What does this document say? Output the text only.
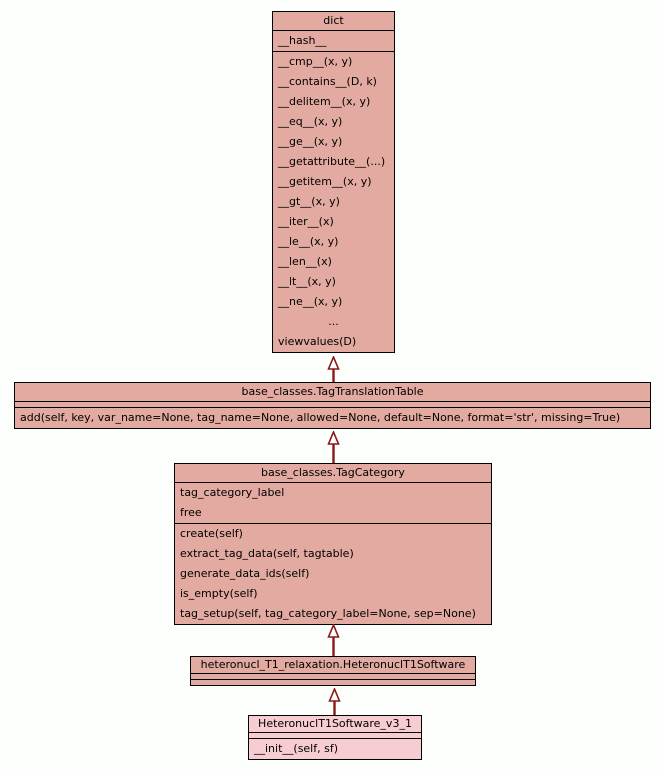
dict
__hash__
__cmp__(x, y)
__contains__(D, k)
__delitem__(x, y)
__eq__(x, y)
__ge__(x, y)
__getattribute__(...)
__getitem__(x, y)
__gt__(x, y)
__iter__(x)
__le__(x, y)
__len__(x)
__lt__(x, y)
__ne__(x, y)
...
viewvalues(D)
base_classes.TagTranslationTable
add(self, key, var_name=None, tag_name=None, allowed=None, default=None, format='str', missing=True)
base_classes.TagCategory
tag_category_label
free
create(self)
extract_tag_data(self, tagtable)
generate_data_ids(self)
is_empty(self)
tag_setup(self, tag_category_label=None, sep=None)
heteronucl_T1_relaxation.HeteronuclT1Software
HeteronuclT1Software_v3_1
__init__(self, sf)
